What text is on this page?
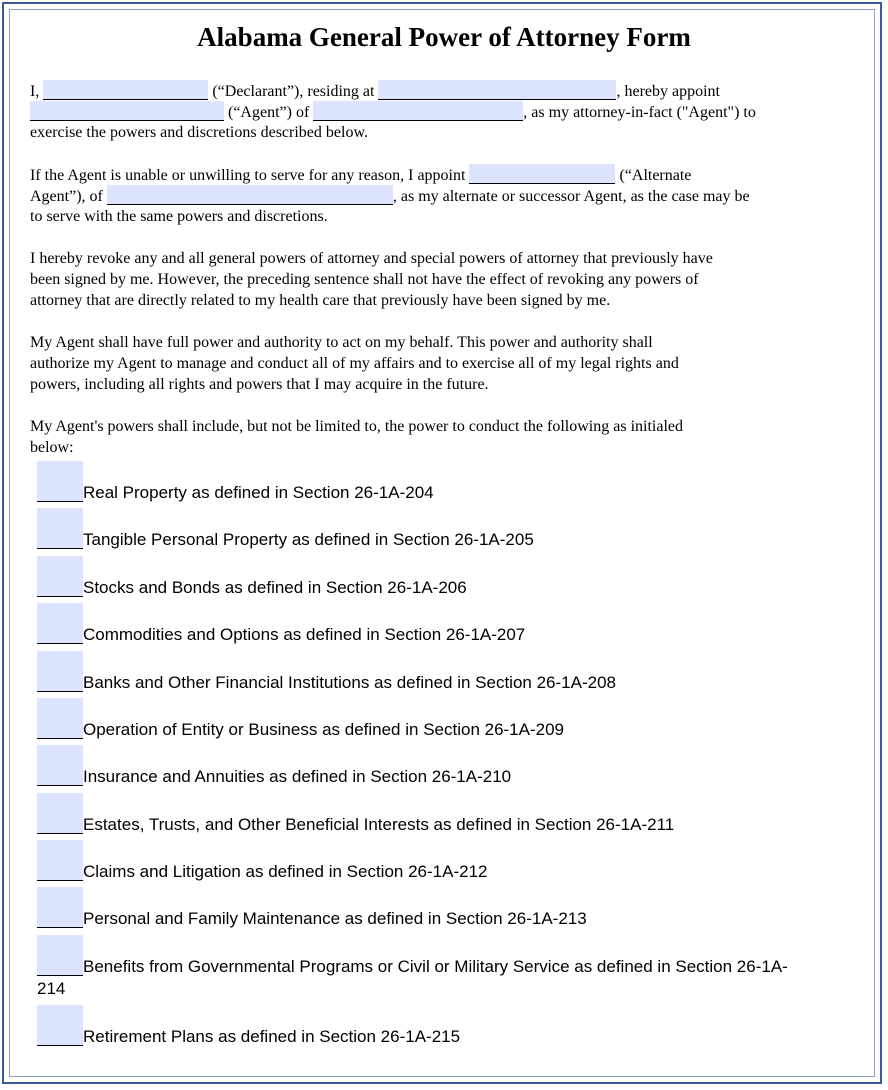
Alabama General Power of Attorney Form
I,	(“Declarant”), residing at	, hereby appoint
(“Agent”) of	, as my attorney-in-fact ("Agent") to
exercise the powers and discretions described below.
If the Agent is unable or unwilling to serve for any reason, I appoint	(“Alternate
Agent”), of	, as my alternate or successor Agent, as the case may be
to serve with the same powers and discretions.
I hereby revoke any and all general powers of attorney and special powers of attorney that previously have
been signed by me. However, the preceding sentence shall not have the effect of revoking any powers of
attorney that are directly related to my health care that previously have been signed by me.
My Agent shall have full power and authority to act on my behalf. This power and authority shall
authorize my Agent to manage and conduct all of my affairs and to exercise all of my legal rights and
powers, including all rights and powers that I may acquire in the future.
My Agent's powers shall include, but not be limited to, the power to conduct the following as initialed
below:
Real Property as defined in Section 26-1A-204
Tangible Personal Property as defined in Section 26-1A-205
Stocks and Bonds as defined in Section 26-1A-206
Commodities and Options as defined in Section 26-1A-207
Banks and Other Financial Institutions as defined in Section 26-1A-208
Operation of Entity or Business as defined in Section 26-1A-209
Insurance and Annuities as defined in Section 26-1A-210
Estates, Trusts, and Other Beneficial Interests as defined in Section 26-1A-211
Claims and Litigation as defined in Section 26-1A-212
Personal and Family Maintenance as defined in Section 26-1A-213
Benefits from Governmental Programs or Civil or Military Service as defined in Section 26-1A-
214
Retirement Plans as defined in Section 26-1A-215
